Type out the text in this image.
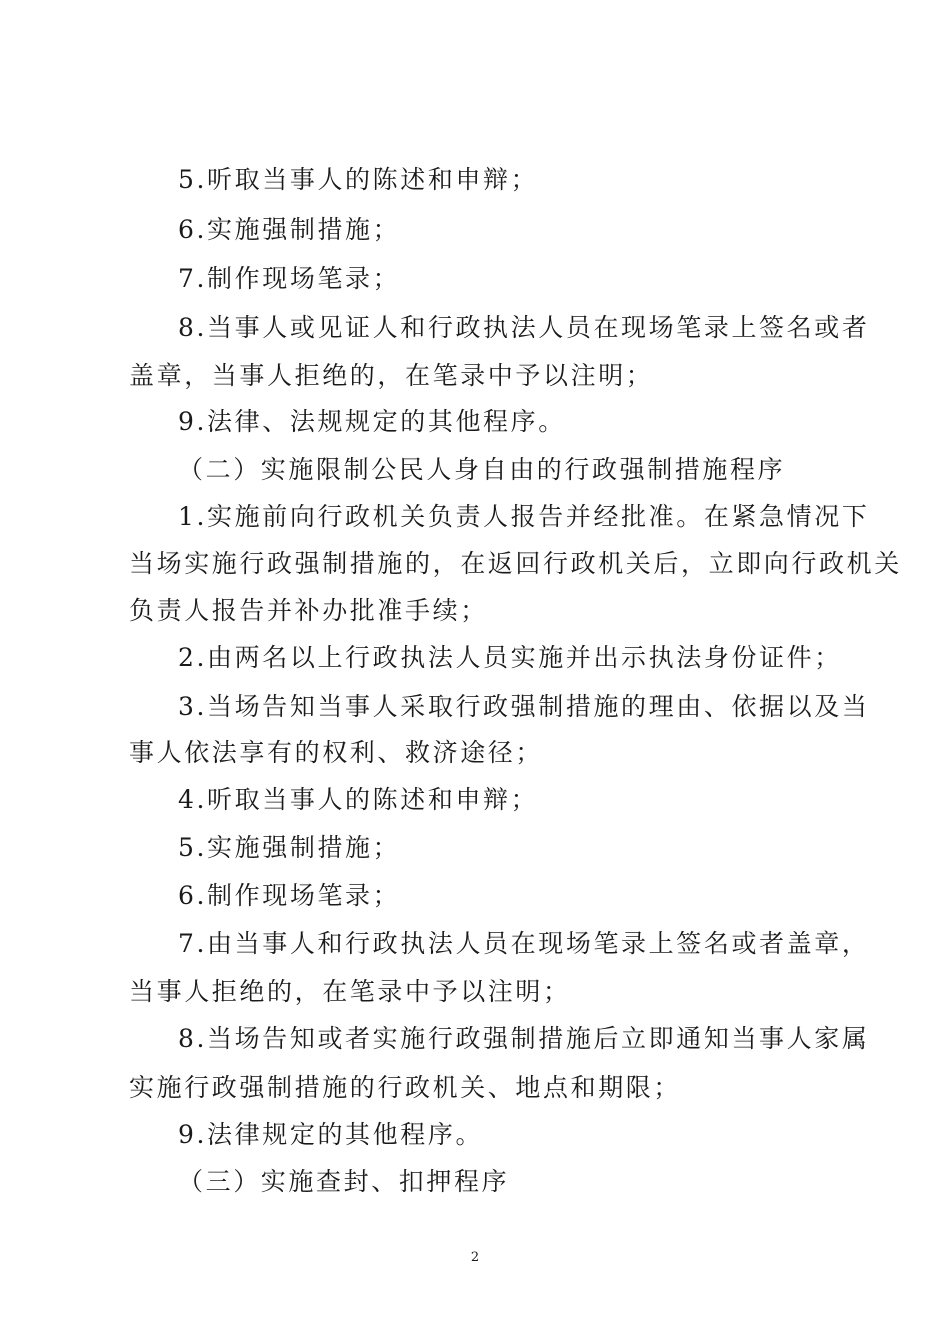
5.听取当事人的陈述和申辩；
6.实施强制措施；
7.制作现场笔录；
8.当事人或见证人和行政执法人员在现场笔录上签名或者
盖章，当事人拒绝的，在笔录中予以注明；
9.法律、法规规定的其他程序。
（二）实施限制公民人身自由的行政强制措施程序
1.实施前向行政机关负责人报告并经批准。在紧急情况下
当场实施行政强制措施的，在返回行政机关后，立即向行政机关
负责人报告并补办批准手续；
2.由两名以上行政执法人员实施并出示执法身份证件；
3.当场告知当事人采取行政强制措施的理由、依据以及当
事人依法享有的权利、救济途径；
4.听取当事人的陈述和申辩；
5.实施强制措施；
6.制作现场笔录；
7.由当事人和行政执法人员在现场笔录上签名或者盖章，
当事人拒绝的，在笔录中予以注明；
8.当场告知或者实施行政强制措施后立即通知当事人家属
实施行政强制措施的行政机关、地点和期限；
9.法律规定的其他程序。
（三）实施查封、扣押程序
2
